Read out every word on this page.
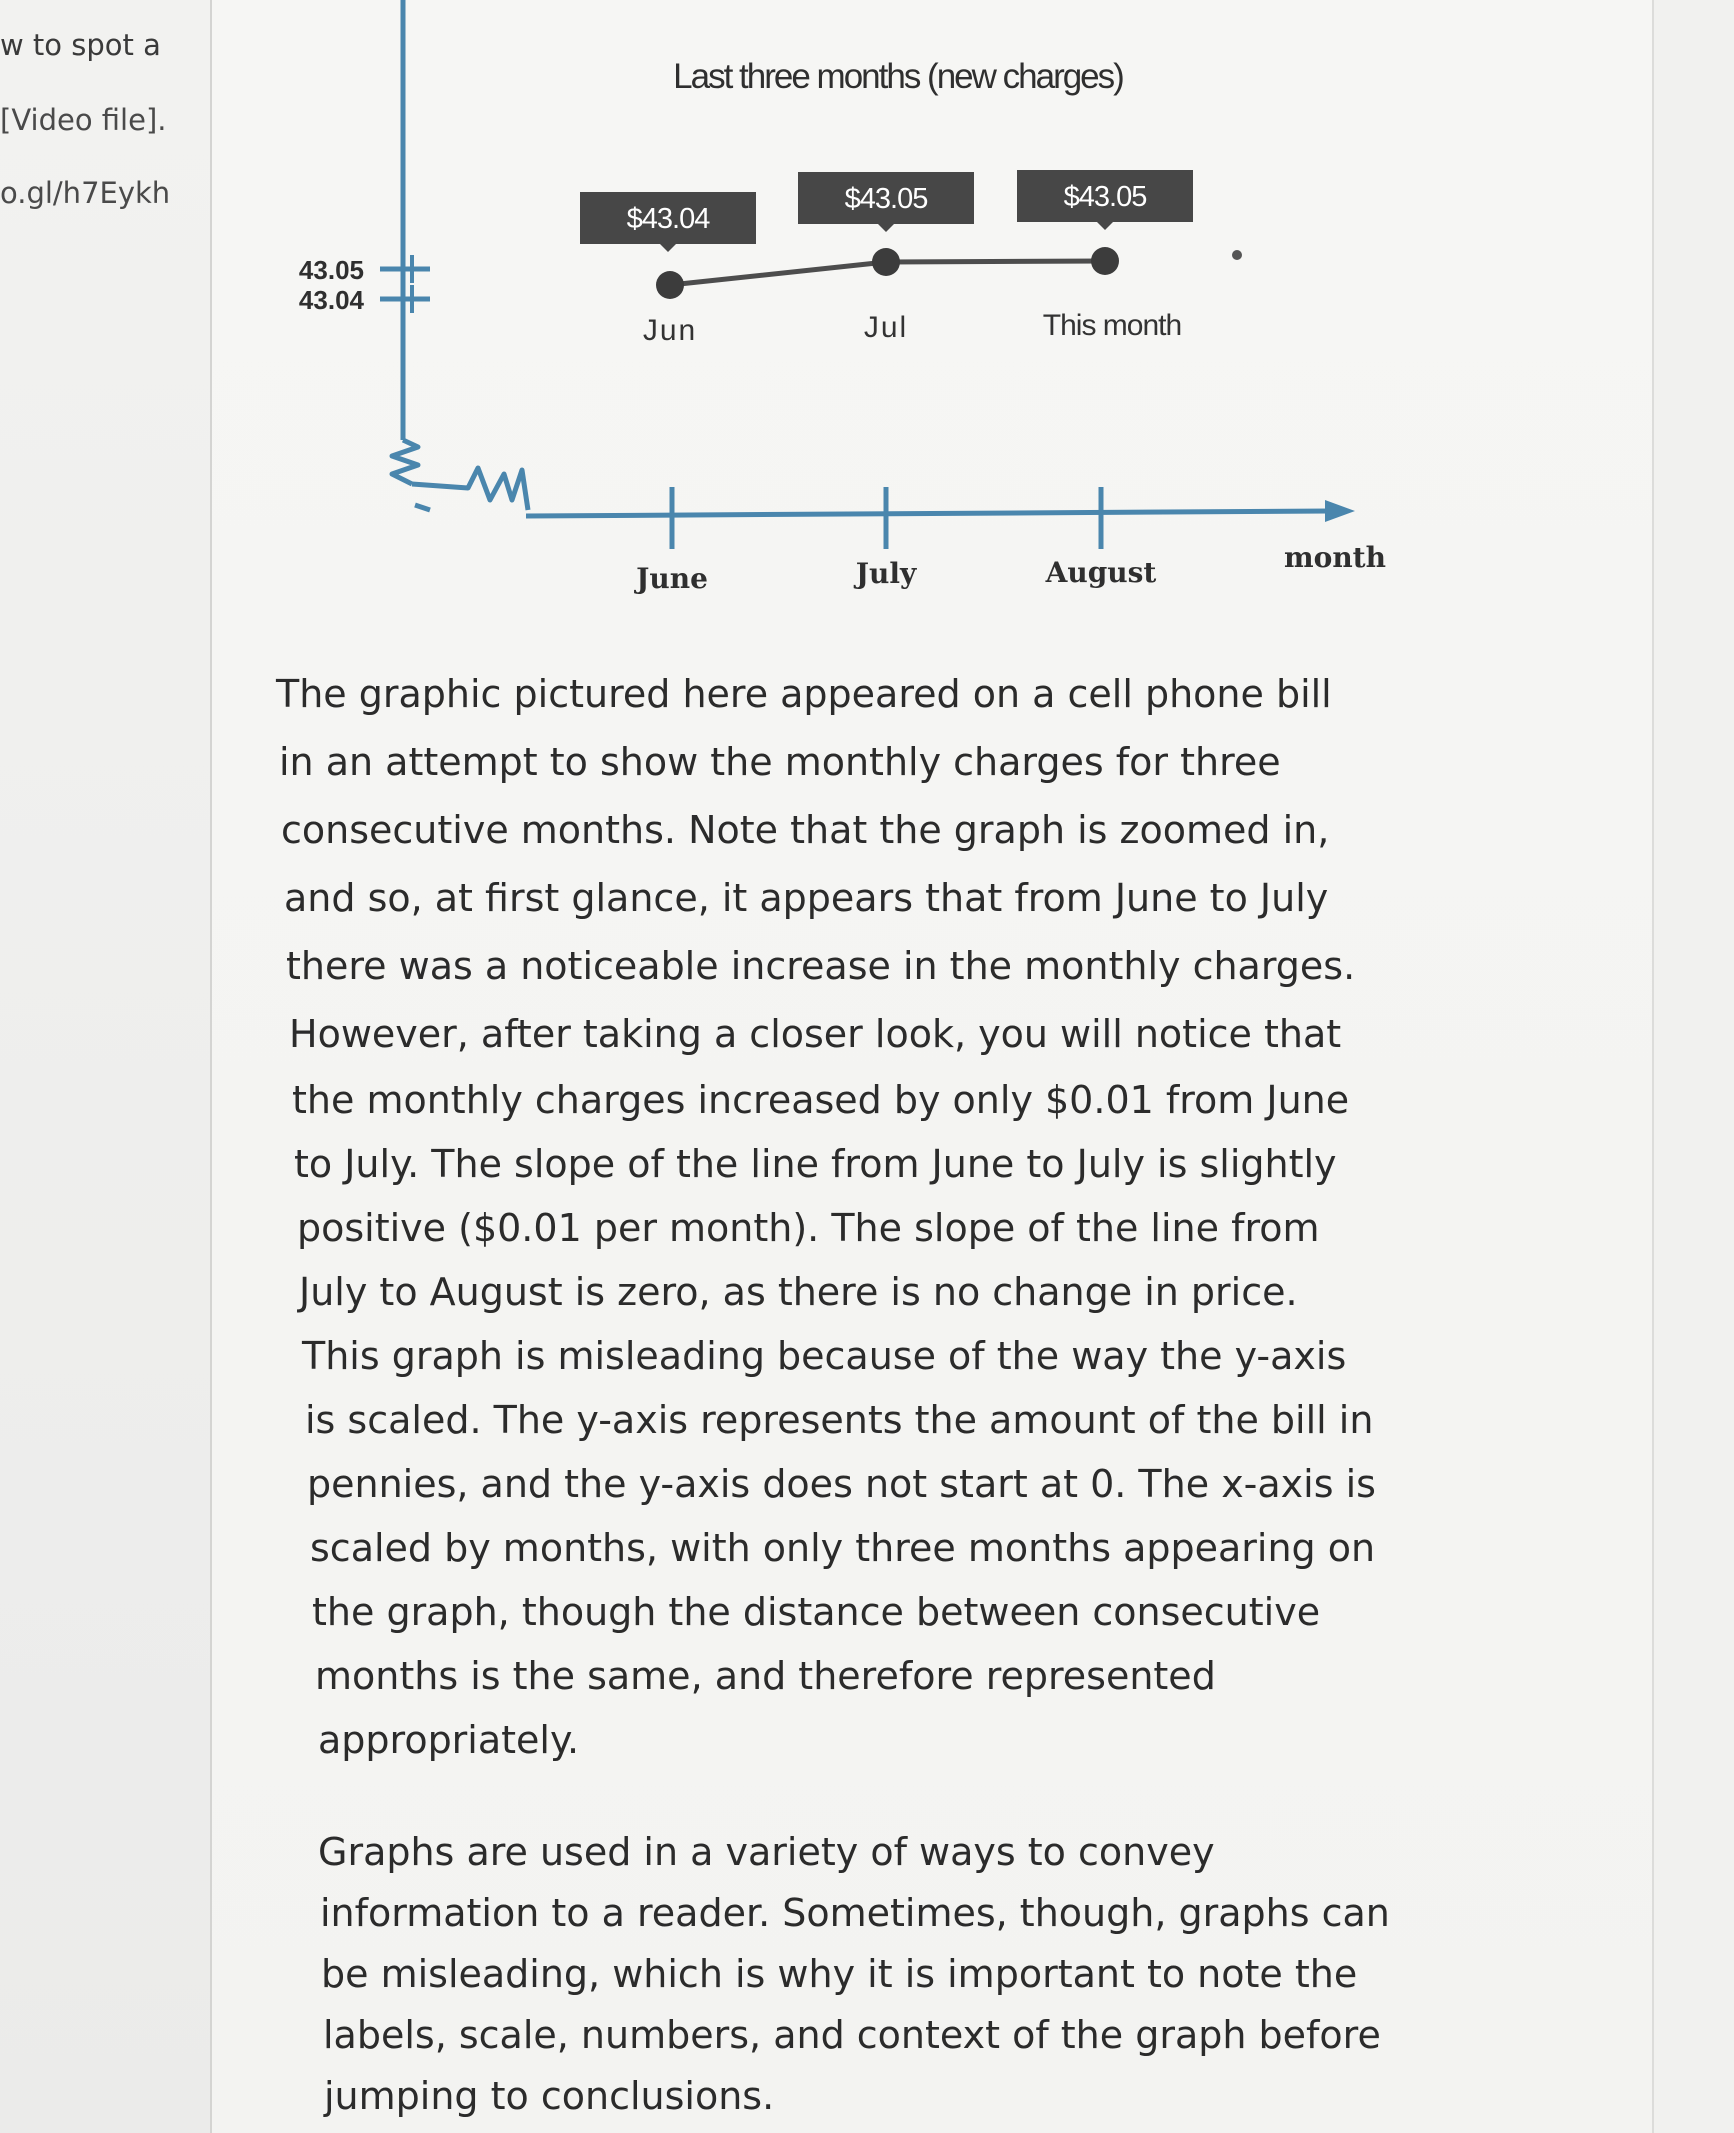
w to spot a
[Video file].
o.gl/h7Eykh
Last three months (new charges)
43.05
43.04
June	July	August	month
$43.04
Jun
$43.05
Jul
$43.05
This month
The graphic pictured here appeared on a cell phone bill
in an attempt to show the monthly charges for three
consecutive months. Note that the graph is zoomed in,
and so, at first glance, it appears that from June to July
there was a noticeable increase in the monthly charges.
However, after taking a closer look, you will notice that
the monthly charges increased by only $0.01 from June
to July. The slope of the line from June to July is slightly
positive ($0.01 per month). The slope of the line from
July to August is zero, as there is no change in price.
This graph is misleading because of the way the y-axis
is scaled. The y-axis represents the amount of the bill in
pennies, and the y-axis does not start at 0. The x-axis is
scaled by months, with only three months appearing on
the graph, though the distance between consecutive
months is the same, and therefore represented
appropriately.
Graphs are used in a variety of ways to convey
information to a reader. Sometimes, though, graphs can
be misleading, which is why it is important to note the
labels, scale, numbers, and context of the graph before
jumping to conclusions.
